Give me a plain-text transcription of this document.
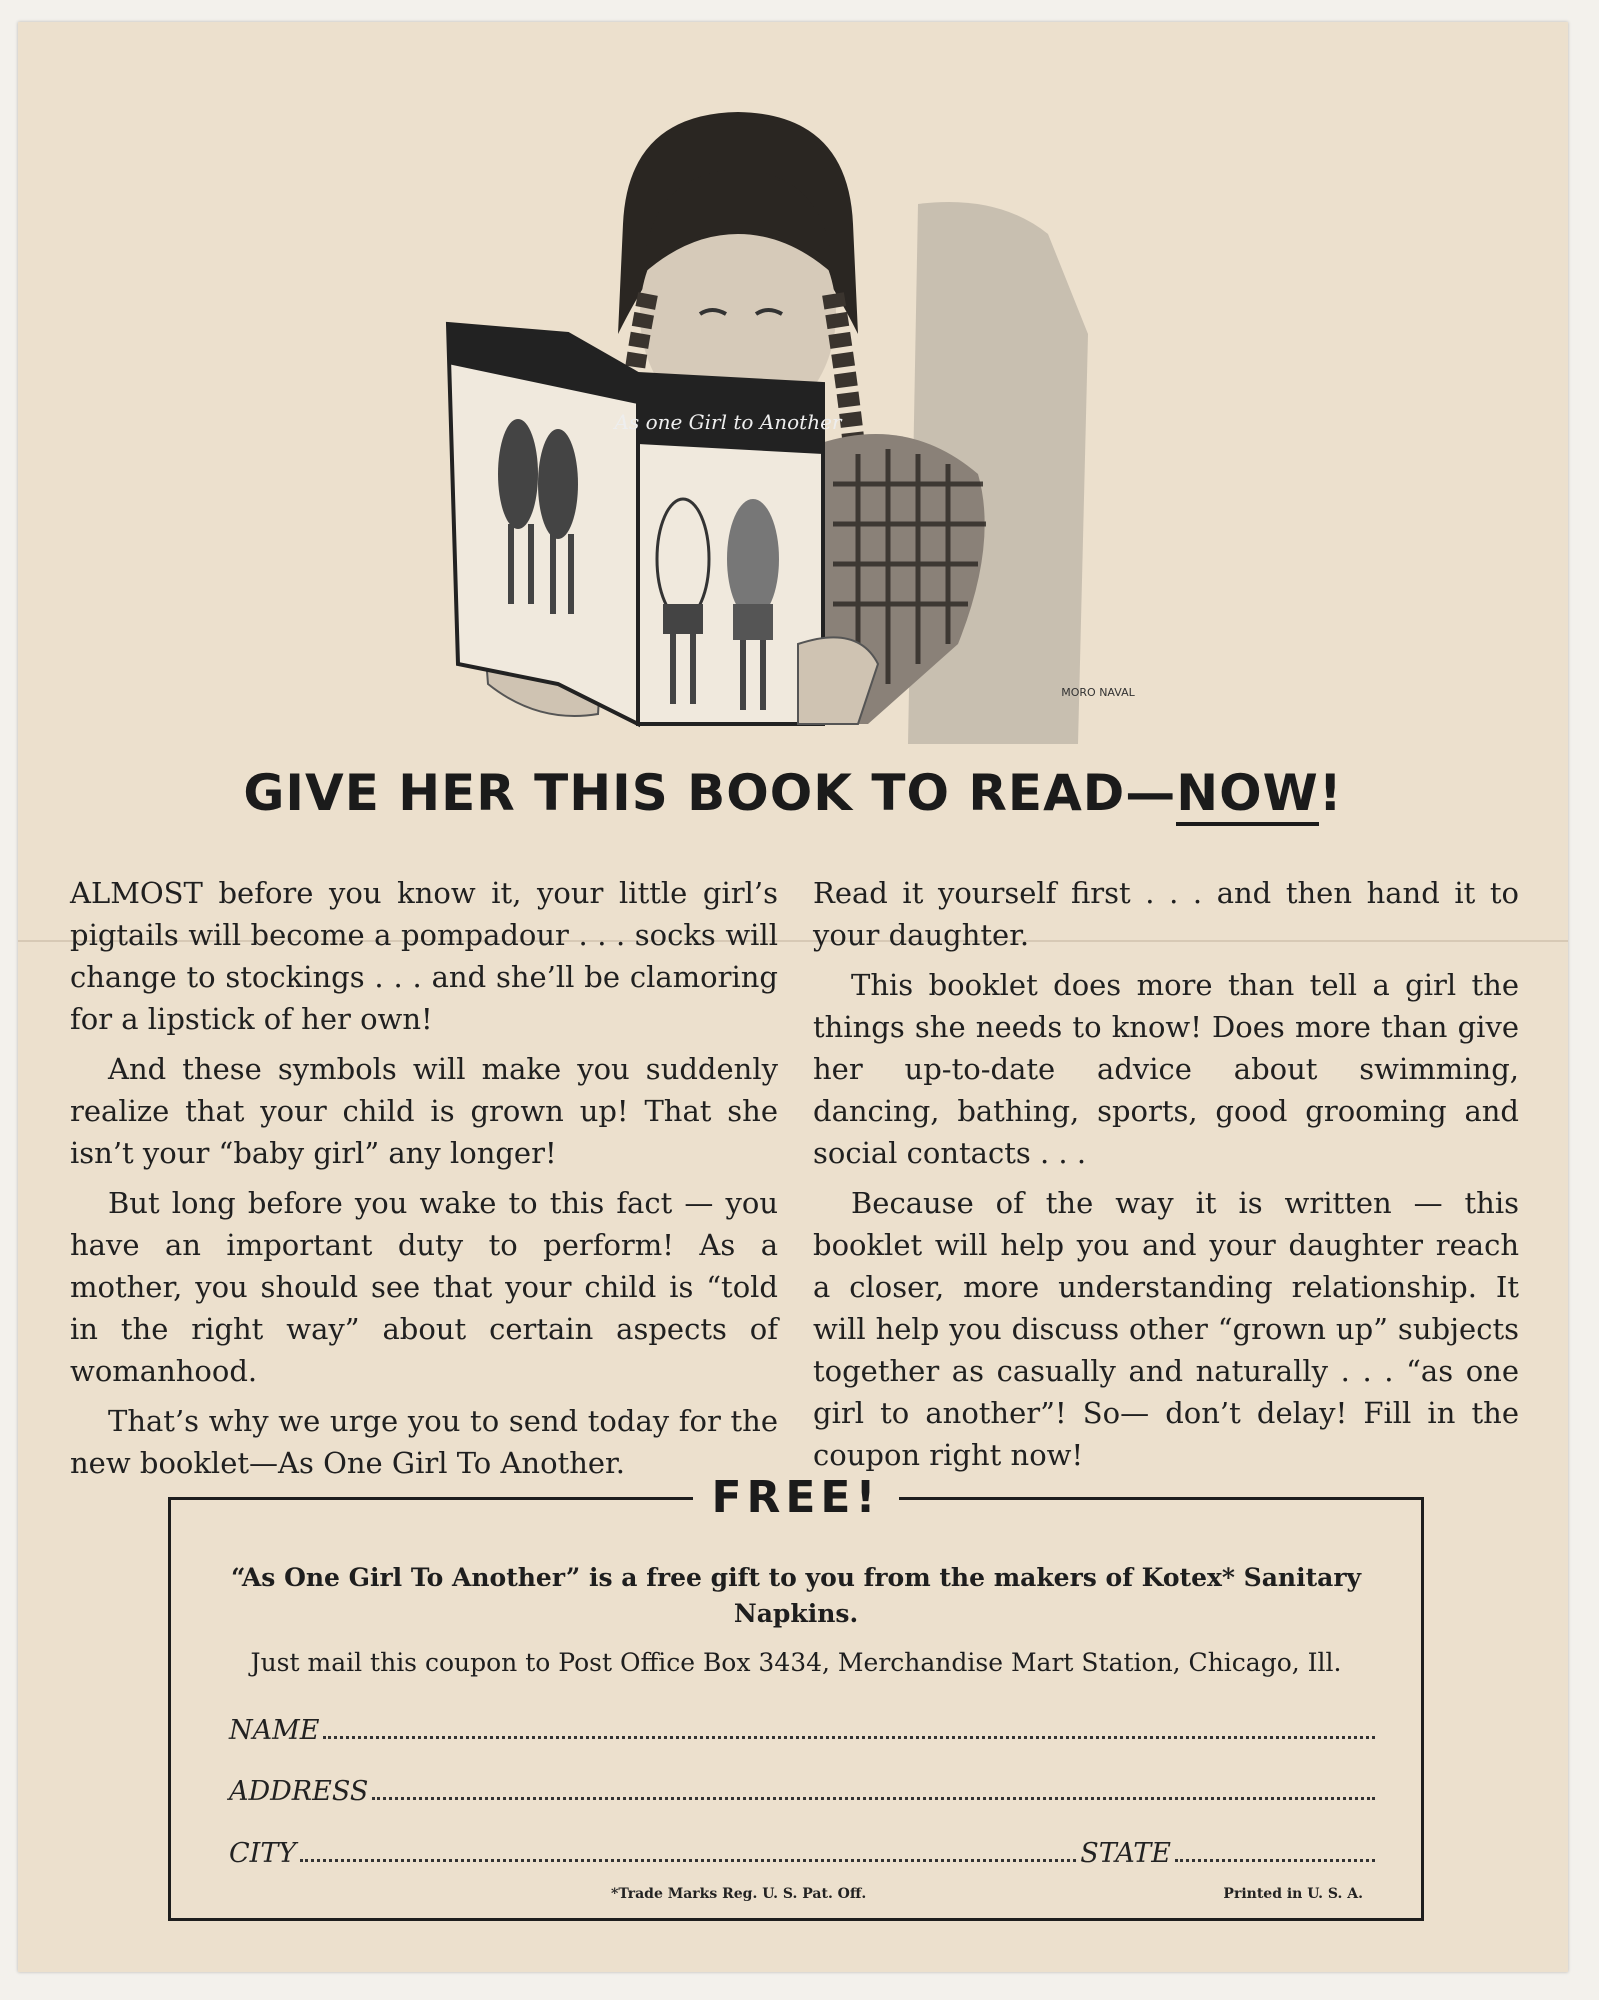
As one Girl to Another
MORO NAVAL
GIVE HER THIS BOOK TO READ—NOW!

ALMOST before you know it, your little girl’s pigtails will become a pompadour . . . socks will change to stockings . . . and she’ll be clamoring for a lipstick of her own!

And these symbols will make you suddenly realize that your child is grown up! That she isn’t your “baby girl” any longer!

But long before you wake to this fact — you have an important duty to perform! As a mother, you should see that your child is “told in the right way” about certain aspects of womanhood.

That’s why we urge you to send today for the new booklet—As One Girl To Another.

Read it yourself first . . . and then hand it to your daughter.

This booklet does more than tell a girl the things she needs to know! Does more than give her up-to-date advice about swimming, dancing, bathing, sports, good grooming and social contacts . . .

Because of the way it is written — this booklet will help you and your daughter reach a closer, more understanding relationship. It will help you discuss other “grown up” subjects together as casually and naturally . . . “as one girl to another”! So— don’t delay! Fill in the coupon right now!

FREE!
“As One Girl To Another” is a free gift to you from the makers of Kotex* Sanitary Napkins.
Just mail this coupon to Post Office Box 3434, Merchandise Mart Station, Chicago, Ill.
NAME
ADDRESS
CITY	STATE
*Trade Marks Reg. U. S. Pat. Off.	Printed in U. S. A.
